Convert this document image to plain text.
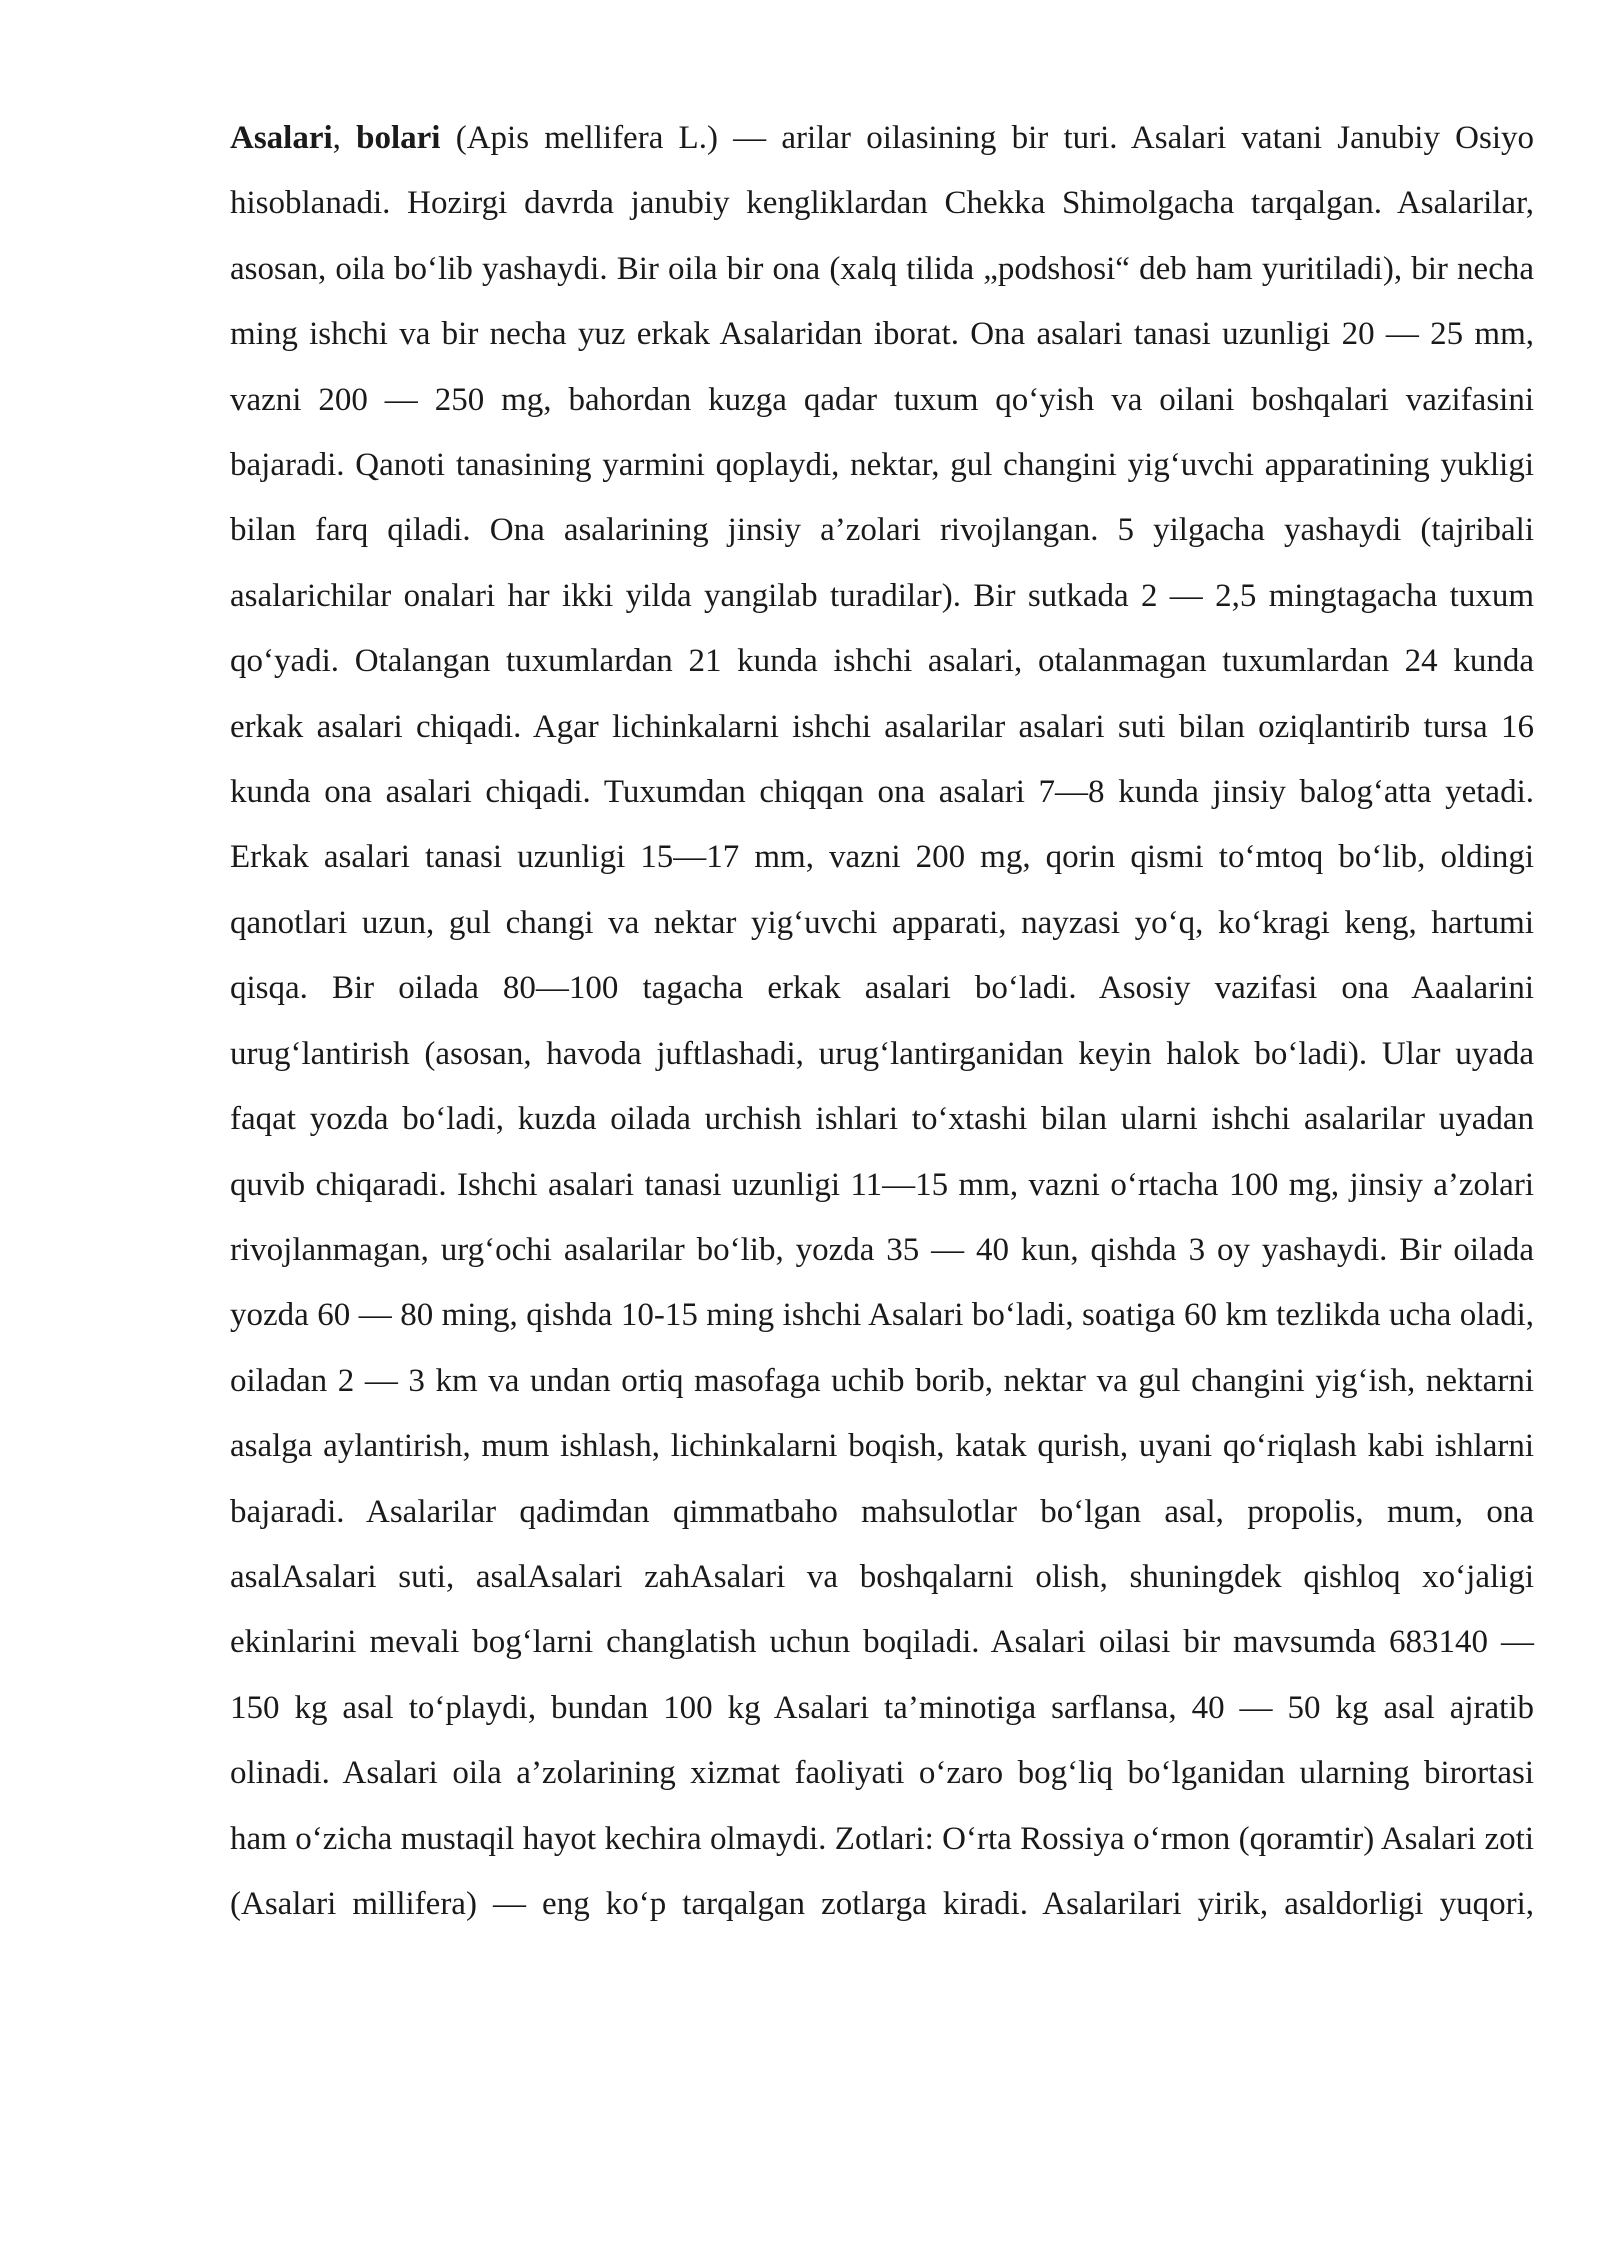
Asalari, bolari (Apis mellifera L.) — arilar oilasining bir turi. Asalari vatani Janubiy Osiyo hisoblanadi. Hozirgi davrda janubiy kengliklardan Chekka Shimolgacha tarqalgan. Asalarilar, asosan, oila bo‘lib yashaydi. Bir oila bir ona (xalq tilida „podshosi“ deb ham yuritiladi), bir necha ming ishchi va bir necha yuz erkak Asalaridan iborat. Ona asalari tanasi uzunligi 20 — 25 mm, vazni 200 — 250 mg, bahordan kuzga qadar tuxum qo‘yish va oilani boshqalari vazifasini bajaradi. Qanoti tanasining yarmini qoplaydi, nektar, gul changini yig‘uvchi apparatining yukligi bilan farq qiladi. Ona asalarining jinsiy a’zolari rivojlangan. 5 yilgacha yashaydi (tajribali asalarichilar onalari har ikki yilda yangilab turadilar). Bir sutkada 2 — 2,5 mingtagacha tuxum qo‘yadi. Otalangan tuxumlardan 21 kunda ishchi asalari, otalanmagan tuxumlardan 24 kunda erkak asalari chiqadi. Agar lichinkalarni ishchi asalarilar asalari suti bilan oziqlantirib tursa 16 kunda ona asalari chiqadi. Tuxumdan chiqqan ona asalari 7—8 kunda jinsiy balog‘atta yetadi. Erkak asalari tanasi uzunligi 15—17 mm, vazni 200 mg, qorin qismi to‘mtoq bo‘lib, oldingi qanotlari uzun, gul changi va nektar yig‘uvchi apparati, nayzasi yo‘q, ko‘kragi keng, hartumi qisqa. Bir oilada 80—100 tagacha erkak asalari bo‘ladi. Asosiy vazifasi ona Aaalarini urug‘lantirish (asosan, havoda juftlashadi, urug‘lantirganidan keyin halok bo‘ladi). Ular uyada faqat yozda bo‘ladi, kuzda oilada urchish ishlari to‘xtashi bilan ularni ishchi asalarilar uyadan quvib chiqaradi. Ishchi asalari tanasi uzunligi 11—15 mm, vazni o‘rtacha 100 mg, jinsiy a’zolari rivojlanmagan, urg‘ochi asalarilar bo‘lib, yozda 35 — 40 kun, qishda 3 oy yashaydi. Bir oilada yozda 60 — 80 ming, qishda 10-15 ming ishchi Asalari bo‘ladi, soatiga 60 km tezlikda ucha oladi, oiladan 2 — 3 km va undan ortiq masofaga uchib borib, nektar va gul changini yig‘ish, nektarni asalga aylantirish, mum ishlash, lichinkalarni boqish, katak qurish, uyani qo‘riqlash kabi ishlarni bajaradi. Asalarilar qadimdan qimmatbaho mahsulotlar bo‘lgan asal, propolis, mum, ona asalAsalari suti, asalAsalari zahAsalari va boshqalarni olish, shuningdek qishloq xo‘jaligi ekinlarini mevali bog‘larni changlatish uchun boqiladi. Asalari oilasi bir mavsumda 683140 — 150 kg asal to‘playdi, bundan 100 kg Asalari ta’minotiga sarflansa, 40 — 50 kg asal ajratib olinadi. Asalari oila a’zolarining xizmat faoliyati o‘zaro bog‘liq bo‘lganidan ularning birortasi ham o‘zicha mustaqil hayot kechira olmaydi. Zotlari: O‘rta Rossiya o‘rmon (qoramtir) Asalari zoti (Asalari millifera) — eng ko‘p tarqalgan zotlarga kiradi. Asalarilari yirik, asaldorligi yuqori,
